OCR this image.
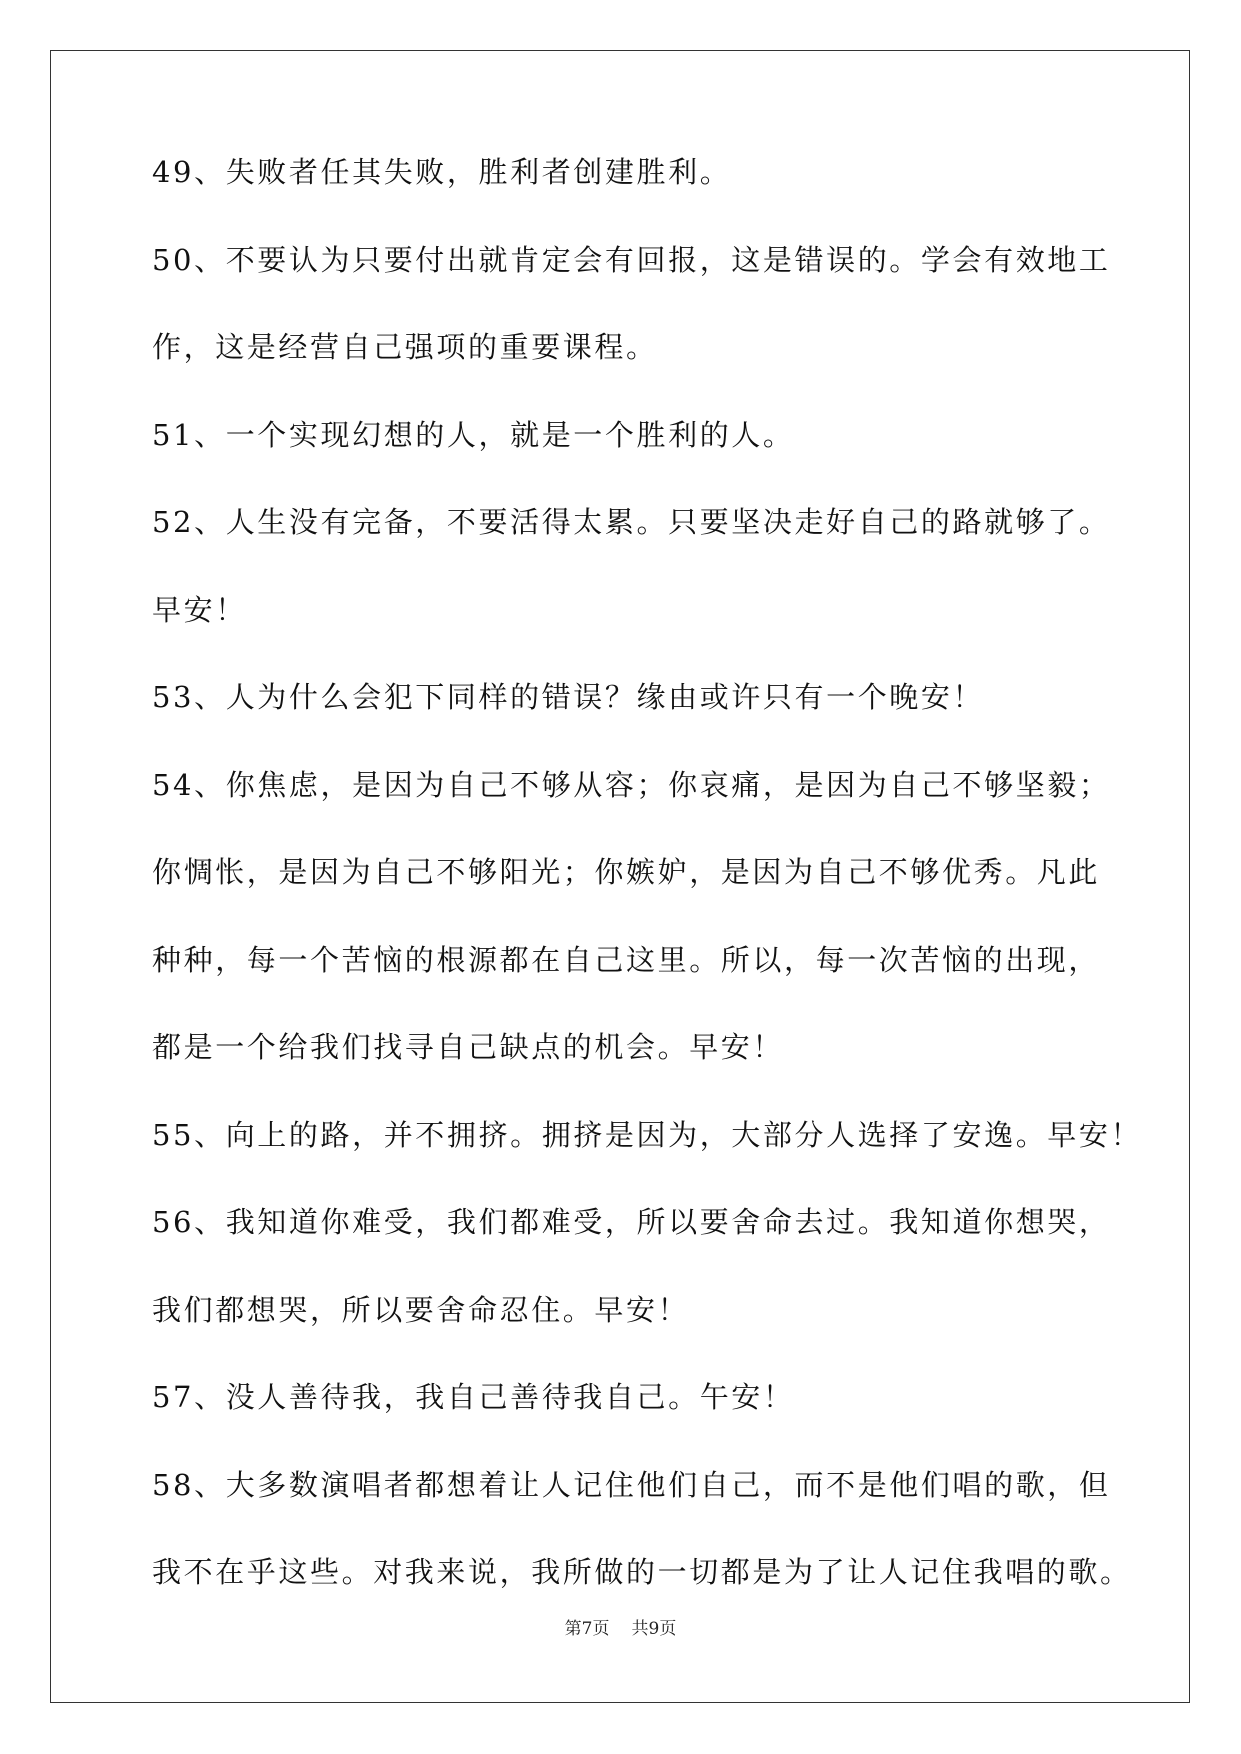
49、失败者任其失败，胜利者创建胜利。
50、不要认为只要付出就肯定会有回报，这是错误的。学会有效地工
作，这是经营自己强项的重要课程。
51、一个实现幻想的人，就是一个胜利的人。
52、人生没有完备，不要活得太累。只要坚决走好自己的路就够了。
早安！
53、人为什么会犯下同样的错误？缘由或许只有一个晚安！
54、你焦虑，是因为自己不够从容；你哀痛，是因为自己不够坚毅；
你惆怅，是因为自己不够阳光；你嫉妒，是因为自己不够优秀。凡此
种种，每一个苦恼的根源都在自己这里。所以，每一次苦恼的出现，
都是一个给我们找寻自己缺点的机会。早安！
55、向上的路，并不拥挤。拥挤是因为，大部分人选择了安逸。早安！
56、我知道你难受，我们都难受，所以要舍命去过。我知道你想哭，
我们都想哭，所以要舍命忍住。早安！
57、没人善待我，我自己善待我自己。午安！
58、大多数演唱者都想着让人记住他们自己，而不是他们唱的歌，但
我不在乎这些。对我来说，我所做的一切都是为了让人记住我唱的歌。
第7页 共9页
